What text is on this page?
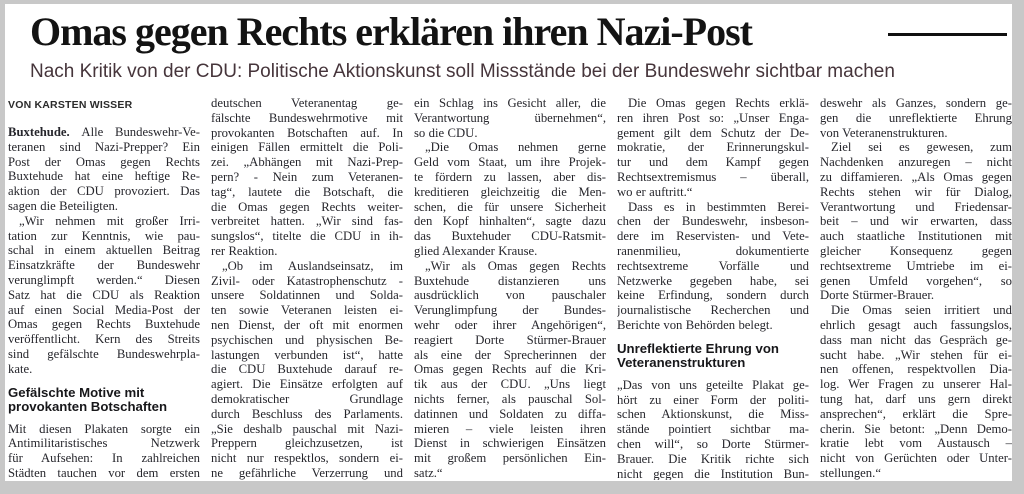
Omas gegen Rechts erklären ihren Nazi-Post
Nach Kritik von der CDU: Politische Aktionskunst soll Missstände bei der Bundeswehr sichtbar machen
VON KARSTEN WISSER
Buxtehude. Alle Bundeswehr-Ve-
teranen sind Nazi-Prepper? Ein
Post der Omas gegen Rechts
Buxtehude hat eine heftige Re-
aktion der CDU provoziert. Das
sagen die Beteiligten.
„Wir nehmen mit großer Irri-
tation zur Kenntnis, wie pau-
schal in einem aktuellen Beitrag
Einsatzkräfte der Bundeswehr
verunglimpft werden.“ Diesen
Satz hat die CDU als Reaktion
auf einen Social Media-Post der
Omas gegen Rechts Buxtehude
veröffentlicht. Kern des Streits
sind gefälschte Bundeswehrpla-
kate.
Gefälschte Motive mit
provokanten Botschaften
Mit diesen Plakaten sorgte ein
Antimilitaristisches Netzwerk
für Aufsehen: In zahlreichen
Städten tauchen vor dem ersten
deutschen Veteranentag ge-
fälschte Bundeswehrmotive mit
provokanten Botschaften auf. In
einigen Fällen ermittelt die Poli-
zei. „Abhängen mit Nazi-Prep-
pern? - Nein zum Veteranen-
tag“, lautete die Botschaft, die
die Omas gegen Rechts weiter-
verbreitet hatten. „Wir sind fas-
sungslos“, titelte die CDU in ih-
rer Reaktion.
„Ob im Auslandseinsatz, im
Zivil- oder Katastrophenschutz -
unsere Soldatinnen und Solda-
ten sowie Veteranen leisten ei-
nen Dienst, der oft mit enormen
psychischen und physischen Be-
lastungen verbunden ist“, hatte
die CDU Buxtehude darauf re-
agiert. Die Einsätze erfolgten auf
demokratischer Grundlage
durch Beschluss des Parlaments.
„Sie deshalb pauschal mit Nazi-
Preppern gleichzusetzen, ist
nicht nur respektlos, sondern ei-
ne gefährliche Verzerrung und
ein Schlag ins Gesicht aller, die
Verantwortung übernehmen“,
so die CDU.
„Die Omas nehmen gerne
Geld vom Staat, um ihre Projek-
te fördern zu lassen, aber dis-
kreditieren gleichzeitig die Men-
schen, die für unsere Sicherheit
den Kopf hinhalten“, sagte dazu
das Buxtehuder CDU-Ratsmit-
glied Alexander Krause.
„Wir als Omas gegen Rechts
Buxtehude distanzieren uns
ausdrücklich von pauschaler
Verunglimpfung der Bundes-
wehr oder ihrer Angehörigen“,
reagiert Dorte Stürmer-Brauer
als eine der Sprecherinnen der
Omas gegen Rechts auf die Kri-
tik aus der CDU. „Uns liegt
nichts ferner, als pauschal Sol-
datinnen und Soldaten zu diffa-
mieren – viele leisten ihren
Dienst in schwierigen Einsätzen
mit großem persönlichen Ein-
satz.“
Die Omas gegen Rechts erklä-
ren ihren Post so: „Unser Enga-
gement gilt dem Schutz der De-
mokratie, der Erinnerungskul-
tur und dem Kampf gegen
Rechtsextremismus – überall,
wo er auftritt.“
Dass es in bestimmten Berei-
chen der Bundeswehr, insbeson-
dere im Reservisten- und Vete-
ranenmilieu, dokumentierte
rechtsextreme Vorfälle und
Netzwerke gegeben habe, sei
keine Erfindung, sondern durch
journalistische Recherchen und
Berichte von Behörden belegt.
Unreflektierte Ehrung von
Veteranenstrukturen
„Das von uns geteilte Plakat ge-
hört zu einer Form der politi-
schen Aktionskunst, die Miss-
stände pointiert sichtbar ma-
chen will“, so Dorte Stürmer-
Brauer. Die Kritik richte sich
nicht gegen die Institution Bun-
deswehr als Ganzes, sondern ge-
gen die unreflektierte Ehrung
von Veteranenstrukturen.
Ziel sei es gewesen, zum
Nachdenken anzuregen – nicht
zu diffamieren. „Als Omas gegen
Rechts stehen wir für Dialog,
Verantwortung und Friedensar-
beit – und wir erwarten, dass
auch staatliche Institutionen mit
gleicher Konsequenz gegen
rechtsextreme Umtriebe im ei-
genen Umfeld vorgehen“, so
Dorte Stürmer-Brauer.
Die Omas seien irritiert und
ehrlich gesagt auch fassungslos,
dass man nicht das Gespräch ge-
sucht habe. „Wir stehen für ei-
nen offenen, respektvollen Dia-
log. Wer Fragen zu unserer Hal-
tung hat, darf uns gern direkt
ansprechen“, erklärt die Spre-
cherin. Sie betont: „Denn Demo-
kratie lebt vom Austausch –
nicht von Gerüchten oder Unter-
stellungen.“
